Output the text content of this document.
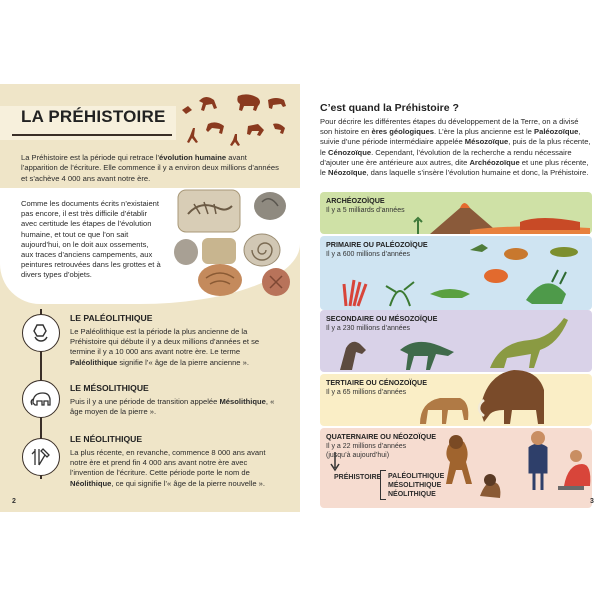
LA PRÉHISTOIRE
La Préhistoire est la période qui retrace l’évolution humaine avant l’apparition de l’écriture. Elle commence il y a environ deux millions d’années et s’achève 4 000 ans avant notre ère.
Comme les documents écrits n’existaient pas encore, il est très difficile d’établir avec certitude les étapes de l’évolution humaine, et tout ce que l’on sait aujourd’hui, on le doit aux ossements, aux traces d’anciens campements, aux peintures retrouvées dans les grottes et à divers types d’objets.
LE PALÉOLITHIQUE
Le Paléolithique est la période la plus ancienne de la Préhistoire qui débute il y a deux millions d’années et se termine il y a 10 000 ans avant notre ère. Le terme Paléolithique signifie l’« âge de la pierre ancienne ».
LE MÉSOLITHIQUE
Puis il y a une période de transition appelée Mésolithique, « âge moyen de la pierre ».
LE NÉOLITHIQUE
La plus récente, en revanche, commence 8 000 ans avant notre ère et prend fin 4 000 ans avant notre ère avec l’invention de l’écriture. Cette période porte le nom de Néolithique, ce qui signifie l’« âge de la pierre nouvelle ».
2
C’est quand la Préhistoire ?
Pour décrire les différentes étapes du développement de la Terre, on a divisé son histoire en ères géologiques. L’ère la plus ancienne est le Paléozoïque, suivie d’une période intermédiaire appelée Mésozoïque, puis de la plus récente, le Cénozoïque. Cependant, l’évolution de la recherche a rendu nécessaire d’ajouter une ère antérieure aux autres, dite Archéozoïque et une plus récente, le Néozoïque, dans laquelle s’insère l’évolution humaine et donc, la Préhistoire.
ARCHÉOZOÏQUE
Il y a 5 milliards d’années
PRIMAIRE OU PALÉOZOÏQUE
Il y a 600 millions d’années
SECONDAIRE OU MÉSOZOÏQUE
Il y a 230 millions d’années
TERTIAIRE OU CÉNOZOÏQUE
Il y a 65 millions d’années
QUATERNAIRE OU NÉOZOÏQUE
Il y a 22 millions d’années
(jusqu’à aujourd’hui)
PRÉHISTOIRE PALÉOLITHIQUE
MÉSOLITHIQUE
NÉOLITHIQUE
3
